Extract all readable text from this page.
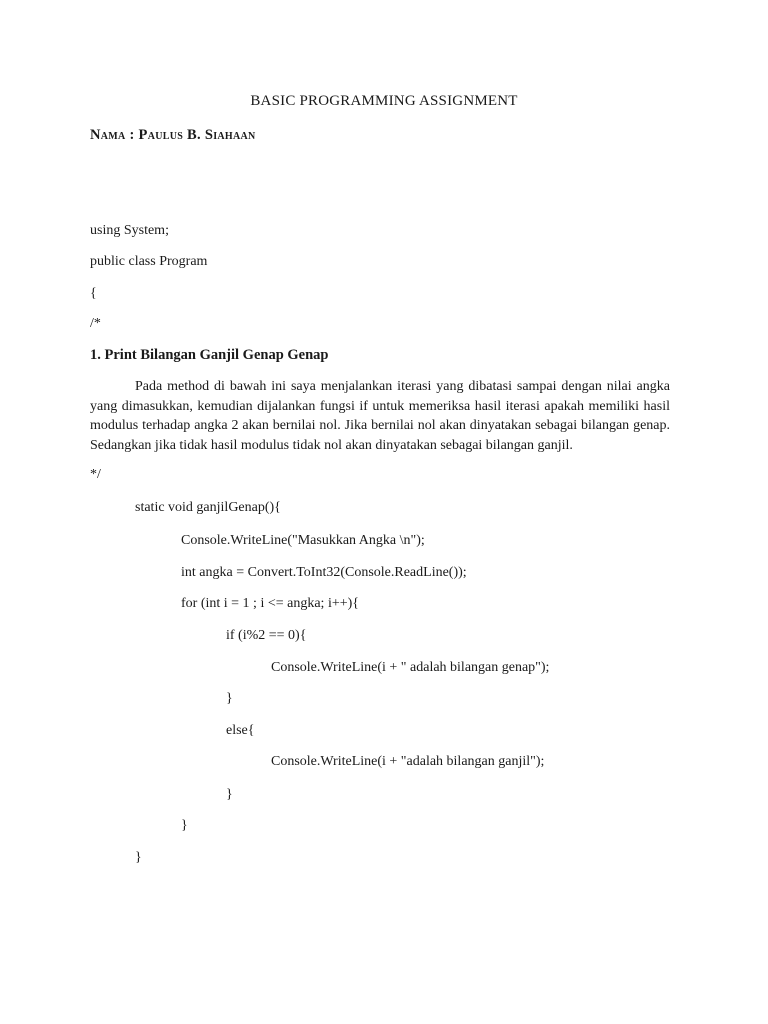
BASIC PROGRAMMING ASSIGNMENT
Nama : Paulus B. Siahaan
using System;
public class Program
{
/*
1. Print Bilangan Ganjil Genap Genap
Pada method di bawah ini saya menjalankan iterasi yang dibatasi sampai dengan nilai angka yang dimasukkan, kemudian dijalankan fungsi if untuk memeriksa hasil iterasi apakah memiliki hasil modulus terhadap angka 2 akan bernilai nol. Jika bernilai nol akan dinyatakan sebagai bilangan genap. Sedangkan jika tidak hasil modulus tidak nol akan dinyatakan sebagai bilangan ganjil.
*/
static void ganjilGenap(){
Console.WriteLine("Masukkan Angka \n");
int angka = Convert.ToInt32(Console.ReadLine());
for (int i = 1 ; i <= angka; i++){
if (i%2 == 0){
Console.WriteLine(i + " adalah bilangan genap");
}
else{
Console.WriteLine(i + "adalah bilangan ganjil");
}
}
}
